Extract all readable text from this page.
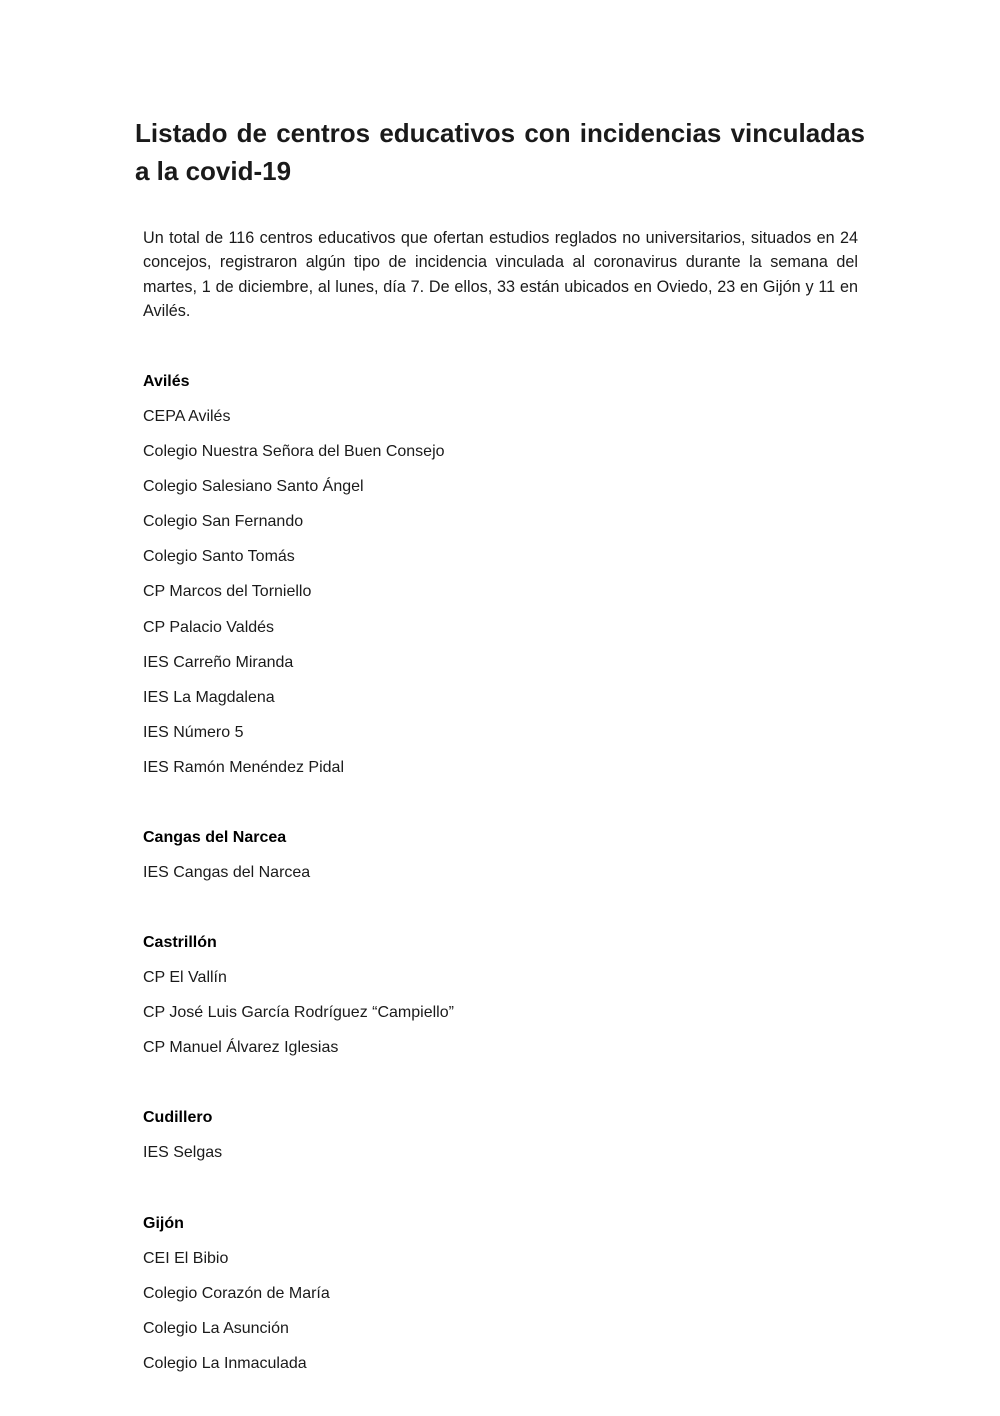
Listado de centros educativos con incidencias vinculadas a la covid-19

Un total de 116 centros educativos que ofertan estudios reglados no universitarios, situados en 24 concejos, registraron algún tipo de incidencia vinculada al coronavirus durante la semana del martes, 1 de diciembre, al lunes, día 7. De ellos, 33 están ubicados en Oviedo, 23 en Gijón y 11 en Avilés.

Avilés
CEPA Avilés
Colegio Nuestra Señora del Buen Consejo
Colegio Salesiano Santo Ángel
Colegio San Fernando
Colegio Santo Tomás
CP Marcos del Torniello
CP Palacio Valdés
IES Carreño Miranda
IES La Magdalena
IES Número 5
IES Ramón Menéndez Pidal
Cangas del Narcea
IES Cangas del Narcea
Castrillón
CP El Vallín
CP José Luis García Rodríguez “Campiello”
CP Manuel Álvarez Iglesias
Cudillero
IES Selgas
Gijón
CEI El Bibio
Colegio Corazón de María
Colegio La Asunción
Colegio La Inmaculada
